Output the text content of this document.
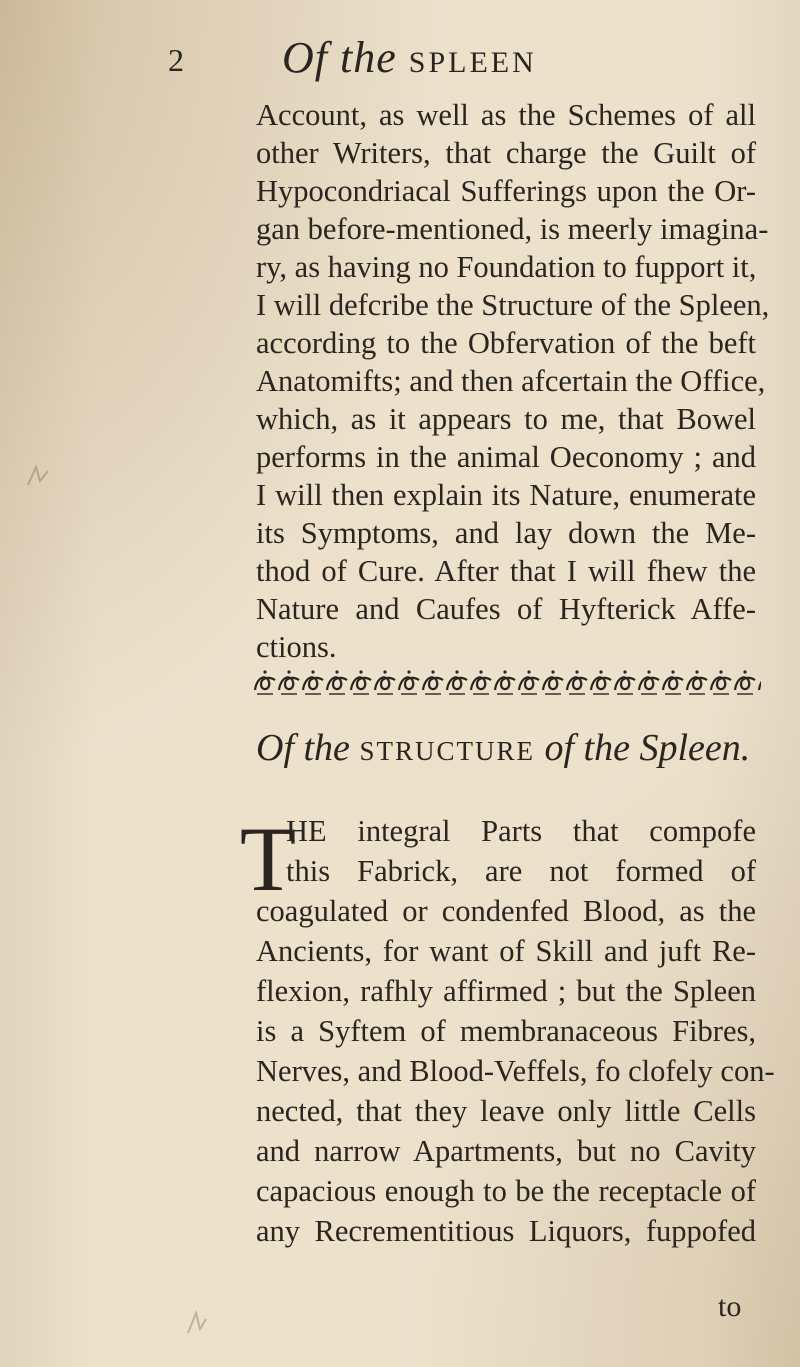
2 Of the SPLEEN
Account, as well as the Schemes of all
other Writers, that charge the Guilt of
Hypocondriacal Sufferings upon the Or-
gan before-mentioned, is meerly imagina-
ry, as having no Foundation to fupport it,
I will defcribe the Structure of the Spleen,
according to the Obfervation of the beft
Anatomifts; and then afcertain the Office,
which, as it appears to me, that Bowel
performs in the animal Oeconomy ; and
I will then explain its Nature, enumerate
its Symptoms, and lay down the Me-
thod of Cure. After that I will fhew the
Nature and Caufes of Hyfterick Affe-
ctions.
Of the STRUCTURE of the Spleen.
T
HE integral Parts that compofe
this Fabrick, are not formed of
coagulated or condenfed Blood, as the
Ancients, for want of Skill and juft Re-
flexion, rafhly affirmed ; but the Spleen
is a Syftem of membranaceous Fibres,
Nerves, and Blood-Veffels, fo clofely con-
nected, that they leave only little Cells
and narrow Apartments, but no Cavity
capacious enough to be the receptacle of
any Recrementitious Liquors, fuppofed
to
